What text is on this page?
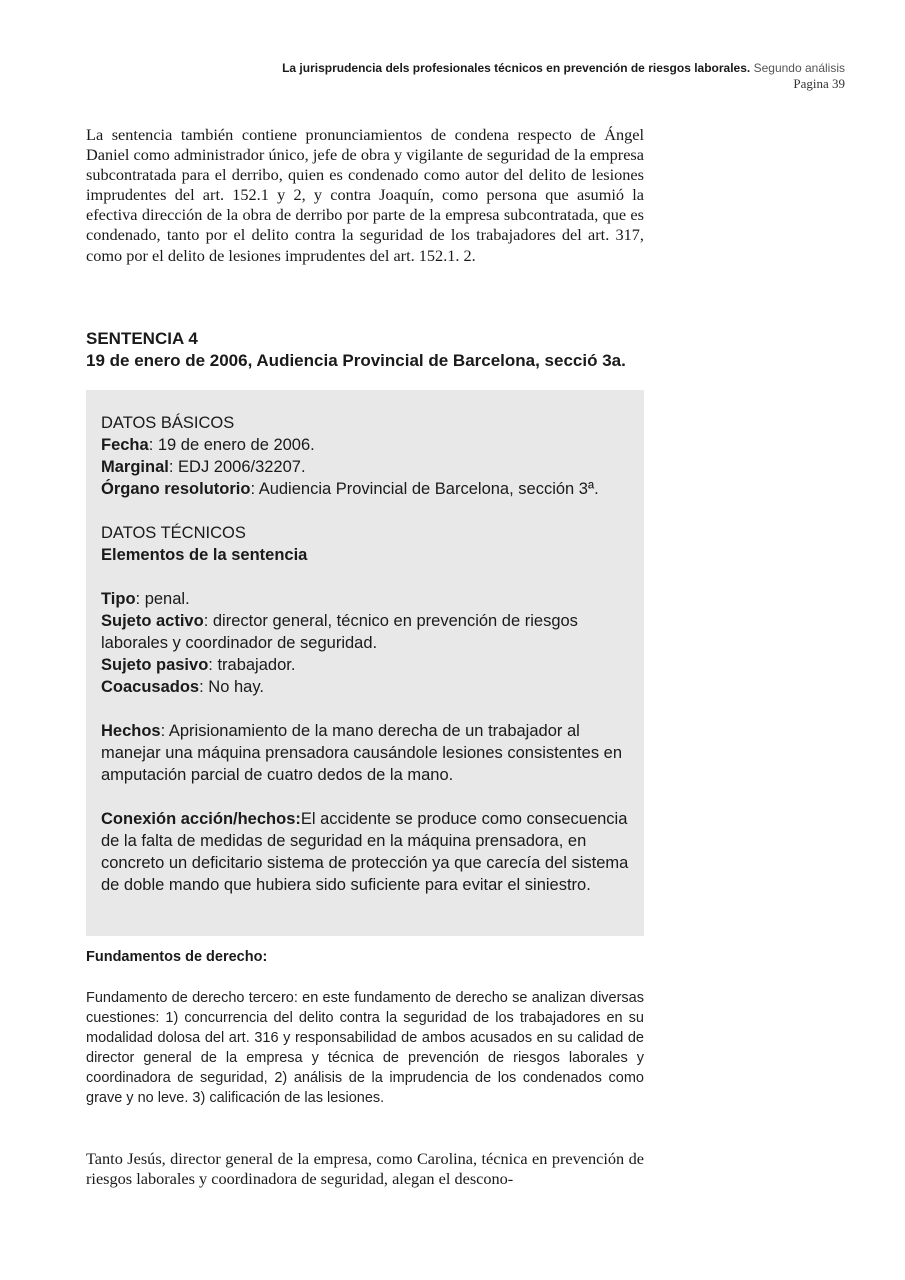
La jurisprudencia dels profesionales técnicos en prevención de riesgos laborales. Segundo análisis
Pagina 39

La sentencia también contiene pronunciamientos de condena respecto de Ángel Daniel como administrador único, jefe de obra y vigilante de seguridad de la empresa subcontratada para el derribo, quien es condenado como autor del delito de lesiones imprudentes del art. 152.1 y 2, y contra Joaquín, como persona que asumió la efectiva dirección de la obra de derribo por parte de la empresa subcontratada, que es condenado, tanto por el delito contra la seguridad de los trabajadores del art. 317, como por el delito de lesiones imprudentes del art. 152.1. 2.

SENTENCIA 4
19 de enero de 2006, Audiencia Provincial de Barcelona, secció 3a.

DATOS BÁSICOS

Fecha: 19 de enero de 2006.

Marginal: EDJ 2006/32207.

Órgano resolutorio: Audiencia Provincial de Barcelona, sección 3ª.

DATOS TÉCNICOS

Elementos de la sentencia

Tipo: penal.

Sujeto activo: director general, técnico en prevención de riesgos laborales y coordinador de seguridad.

Sujeto pasivo: trabajador.

Coacusados: No hay.

Hechos: Aprisionamiento de la mano derecha de un trabajador al manejar una máquina prensadora causándole lesiones consistentes en amputación parcial de cuatro dedos de la mano.

Conexión acción/hechos:El accidente se produce como consecuencia de la falta de medidas de seguridad en la máquina prensadora, en concreto un deficitario sistema de protección ya que carecía del sistema de doble mando que hubiera sido suficiente para evitar el siniestro.

Fundamentos de derecho:

Fundamento de derecho tercero: en este fundamento de derecho se analizan diversas cuestiones: 1) concurrencia del delito contra la seguridad de los trabajadores en su modalidad dolosa del art. 316 y responsabilidad de ambos acusados en su calidad de director general de la empresa y técnica de prevención de riesgos laborales y coordinadora de seguridad, 2) análisis de la imprudencia de los condenados como grave y no leve. 3) calificación de las lesiones.

Tanto Jesús, director general de la empresa, como Carolina, técnica en prevención de riesgos laborales y coordinadora de seguridad, alegan el descono-
